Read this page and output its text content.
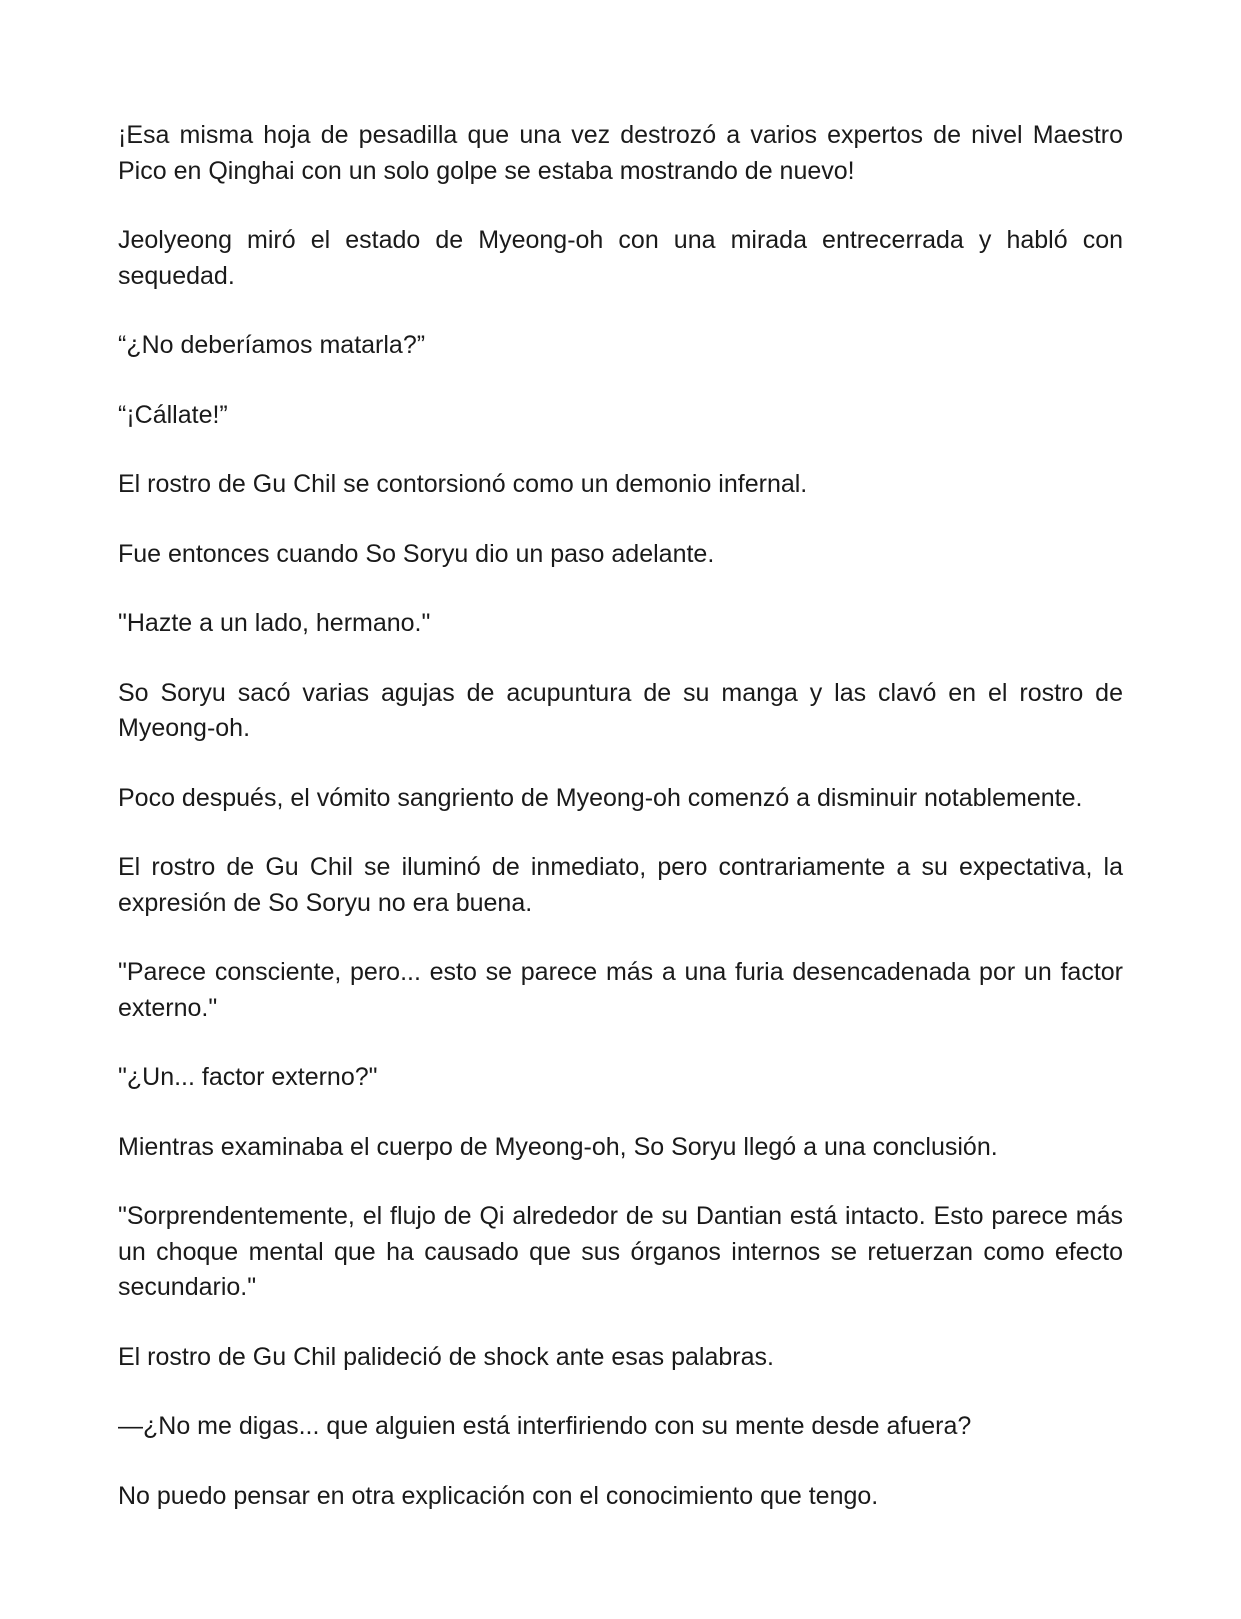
¡Esa misma hoja de pesadilla que una vez destrozó a varios expertos de nivel Maestro Pico en Qinghai con un solo golpe se estaba mostrando de nuevo!

Jeolyeong miró el estado de Myeong-oh con una mirada entrecerrada y habló con sequedad.

“¿No deberíamos matarla?”

“¡Cállate!”

El rostro de Gu Chil se contorsionó como un demonio infernal.

Fue entonces cuando So Soryu dio un paso adelante.

"Hazte a un lado, hermano."

So Soryu sacó varias agujas de acupuntura de su manga y las clavó en el rostro de Myeong-oh.

Poco después, el vómito sangriento de Myeong-oh comenzó a disminuir notablemente.

El rostro de Gu Chil se iluminó de inmediato, pero contrariamente a su expectativa, la expresión de So Soryu no era buena.

"Parece consciente, pero... esto se parece más a una furia desencadenada por un factor externo."

"¿Un... factor externo?"

Mientras examinaba el cuerpo de Myeong-oh, So Soryu llegó a una conclusión.

"Sorprendentemente, el flujo de Qi alrededor de su Dantian está intacto. Esto parece más un choque mental que ha causado que sus órganos internos se retuerzan como efecto secundario."

El rostro de Gu Chil palideció de shock ante esas palabras.

—¿No me digas... que alguien está interfiriendo con su mente desde afuera?

No puedo pensar en otra explicación con el conocimiento que tengo.
